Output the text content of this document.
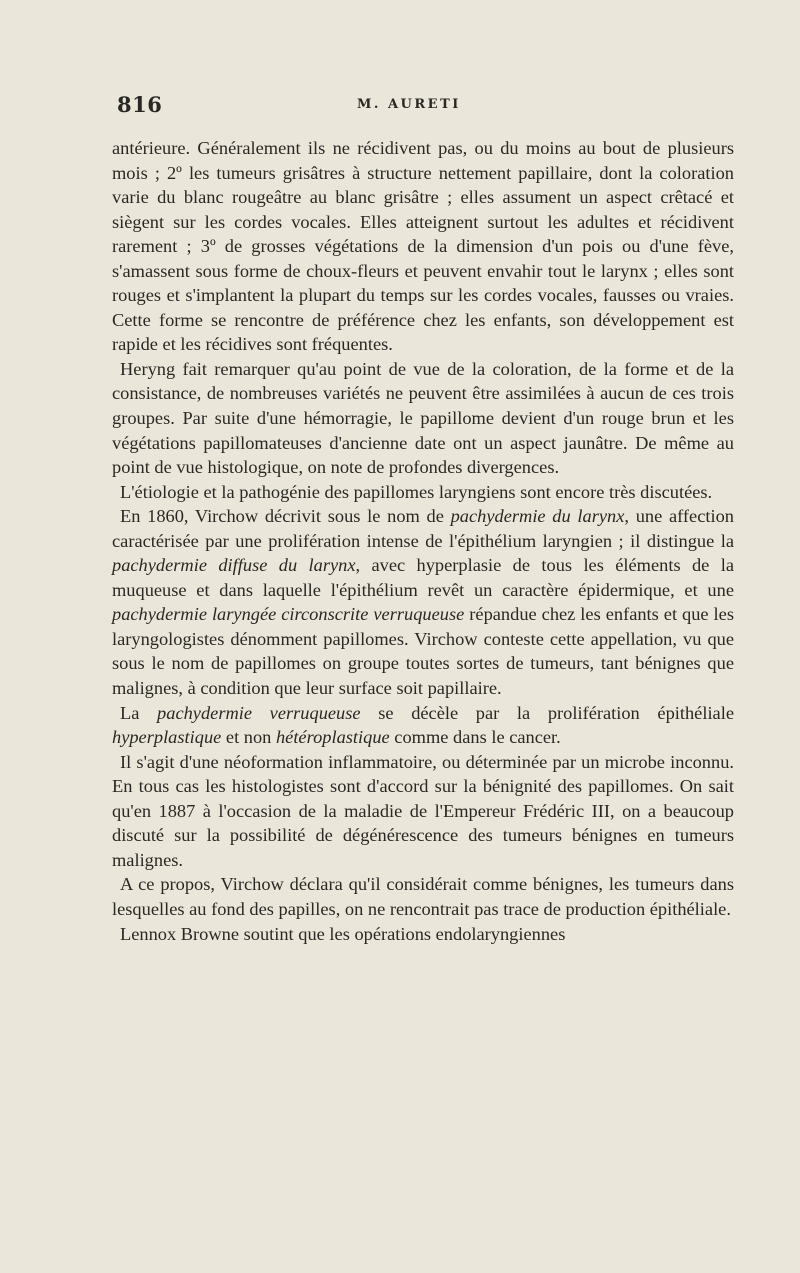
816	M. AURETI

antérieure. Généralement ils ne récidivent pas, ou du moins au bout de plusieurs mois ; 2º les tumeurs grisâtres à structure nettement papillaire, dont la coloration varie du blanc rougeâtre au blanc grisâtre ; elles assument un aspect crêtacé et siègent sur les cordes vocales. Elles atteignent surtout les adultes et récidivent rarement ; 3º de grosses végétations de la dimension d'un pois ou d'une fève, s'amassent sous forme de choux-fleurs et peuvent envahir tout le larynx ; elles sont rouges et s'implantent la plupart du temps sur les cordes vocales, fausses ou vraies. Cette forme se rencontre de préférence chez les enfants, son développement est rapide et les récidives sont fréquentes.

Heryng fait remarquer qu'au point de vue de la coloration, de la forme et de la consistance, de nombreuses variétés ne peuvent être assimilées à aucun de ces trois groupes. Par suite d'une hémorragie, le papillome devient d'un rouge brun et les végétations papillomateuses d'ancienne date ont un aspect jaunâtre. De même au point de vue histologique, on note de profondes divergences.

L'étiologie et la pathogénie des papillomes laryngiens sont encore très discutées.

En 1860, Virchow décrivit sous le nom de pachydermie du larynx, une affection caractérisée par une prolifération intense de l'épithélium laryngien ; il distingue la pachydermie diffuse du larynx, avec hyperplasie de tous les éléments de la muqueuse et dans laquelle l'épithélium revêt un caractère épidermique, et une pachydermie laryngée circonscrite verruqueuse répandue chez les enfants et que les laryngologistes dénomment papillomes. Virchow conteste cette appellation, vu que sous le nom de papillomes on groupe toutes sortes de tumeurs, tant bénignes que malignes, à condition que leur surface soit papillaire.

La pachydermie verruqueuse se décèle par la prolifération épithéliale hyperplastique et non hétéroplastique comme dans le cancer.

Il s'agit d'une néoformation inflammatoire, ou déterminée par un microbe inconnu. En tous cas les histologistes sont d'accord sur la bénignité des papillomes. On sait qu'en 1887 à l'occasion de la maladie de l'Empereur Frédéric III, on a beaucoup discuté sur la possibilité de dégénérescence des tumeurs bénignes en tumeurs malignes.

A ce propos, Virchow déclara qu'il considérait comme bénignes, les tumeurs dans lesquelles au fond des papilles, on ne rencontrait pas trace de production épithéliale.

Lennox Browne soutint que les opérations endolaryngiennes
